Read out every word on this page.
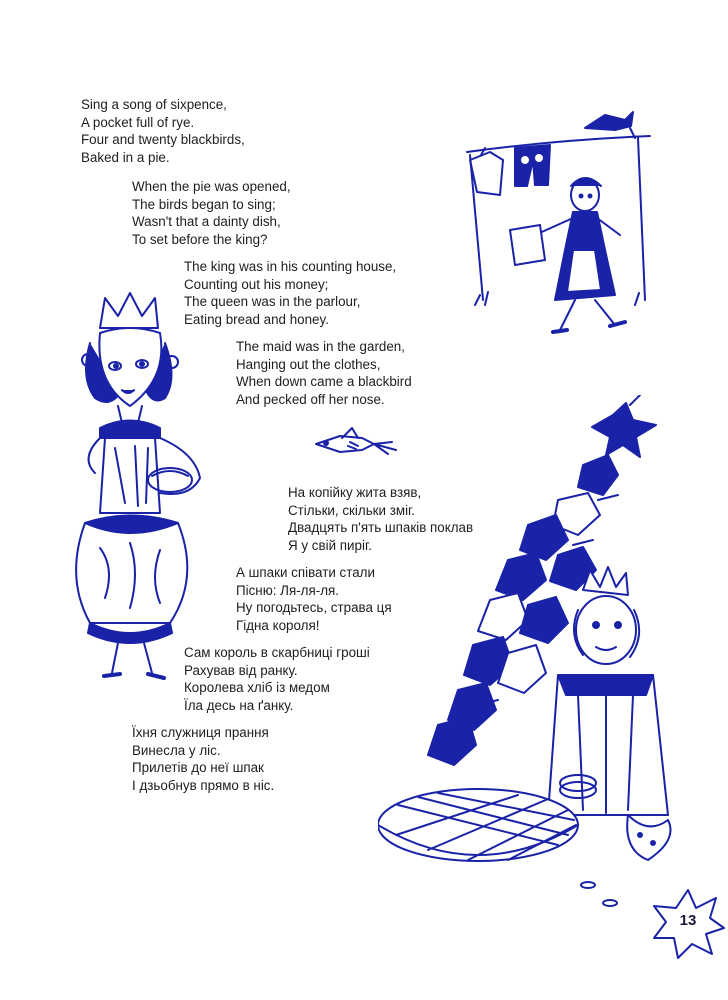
Sing a song of sixpence,
A pocket full of rye.
Four and twenty blackbirds,
Baked in a pie.
When the pie was opened,
The birds began to sing;
Wasn't that a dainty dish,
To set before the king?
The king was in his counting house,
Counting out his money;
The queen was in the parlour,
Eating bread and honey.
The maid was in the garden,
Hanging out the clothes,
When down came a blackbird
And pecked off her nose.
На копійку жита взяв,
Стільки, скільки зміг.
Двадцять п'ять шпаків поклав
Я у свій пиріг.
А шпаки співати стали
Пісню: Ля-ля-ля.
Ну погодьтесь, страва ця
Гідна короля!
Сам король в скарбниці гроші
Рахував від ранку.
Королева хліб із медом
Їла десь на ґанку.
Їхня служниця прання
Винесла у ліс.
Прилетів до неї шпак
І дзьобнув прямо в ніс.
13
